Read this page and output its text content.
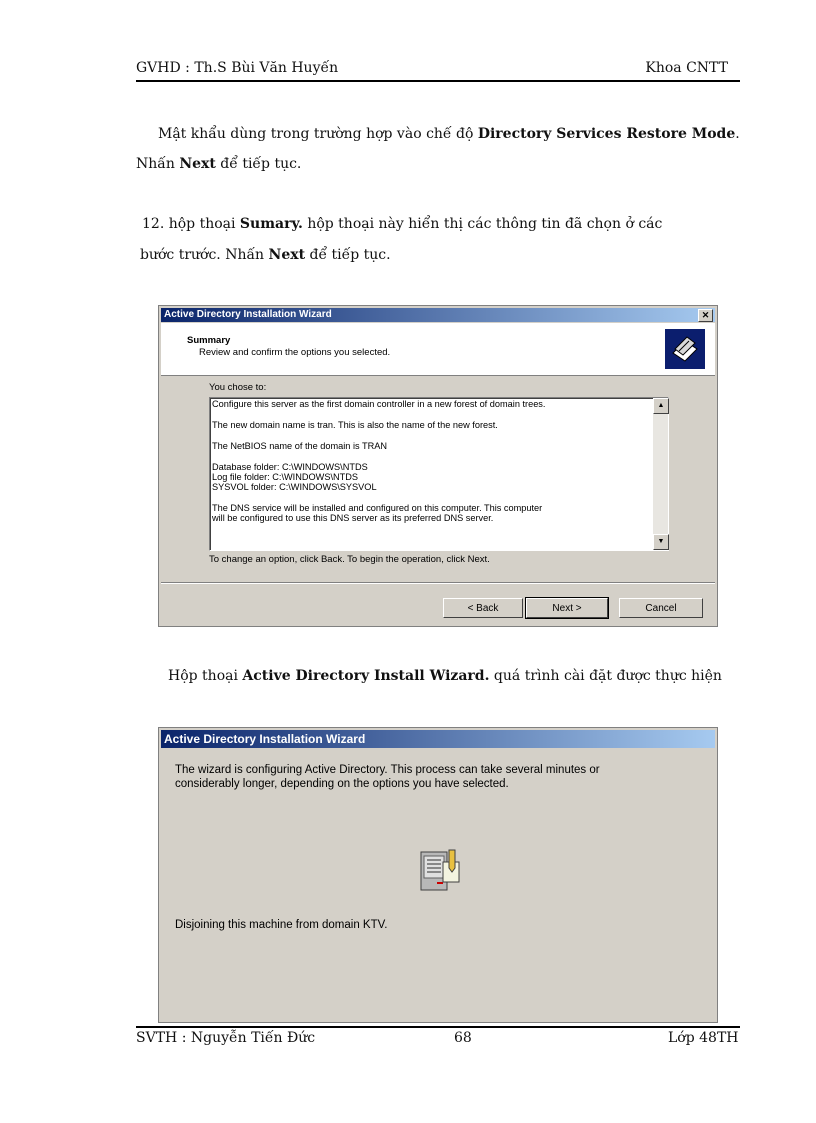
GVHD : Th.S Bùi Văn Huyến	Khoa CNTT
Mật khẩu dùng trong trường hợp vào chế độ Directory Services Restore Mode.
Nhấn Next để tiếp tục.
12. hộp thoại Sumary. hộp thoại này hiển thị các thông tin đã chọn ở các
bước trước. Nhấn Next để tiếp tục.
Active Directory Installation Wizard	✕
Summary
Review and confirm the options you selected.
You chose to:
Configure this server as the first domain controller in a new forest of domain trees.
The new domain name is tran. This is also the name of the new forest.
The NetBIOS name of the domain is TRAN
Database folder: C:\WINDOWS\NTDS
Log file folder: C:\WINDOWS\NTDS
SYSVOL folder: C:\WINDOWS\SYSVOL
The DNS service will be installed and configured on this computer. This computer
will be configured to use this DNS server as its preferred DNS server.
▲
▼
To change an option, click Back. To begin the operation, click Next.
< Back	Next >	Cancel
Hộp thoại Active Directory Install Wizard. quá trình cài đặt được thực hiện
Active Directory Installation Wizard
The wizard is configuring Active Directory. This process can take several minutes or
considerably longer, depending on the options you have selected.
Disjoining this machine from domain KTV.
SVTH : Nguyễn Tiến Đức	68	Lớp 48TH
